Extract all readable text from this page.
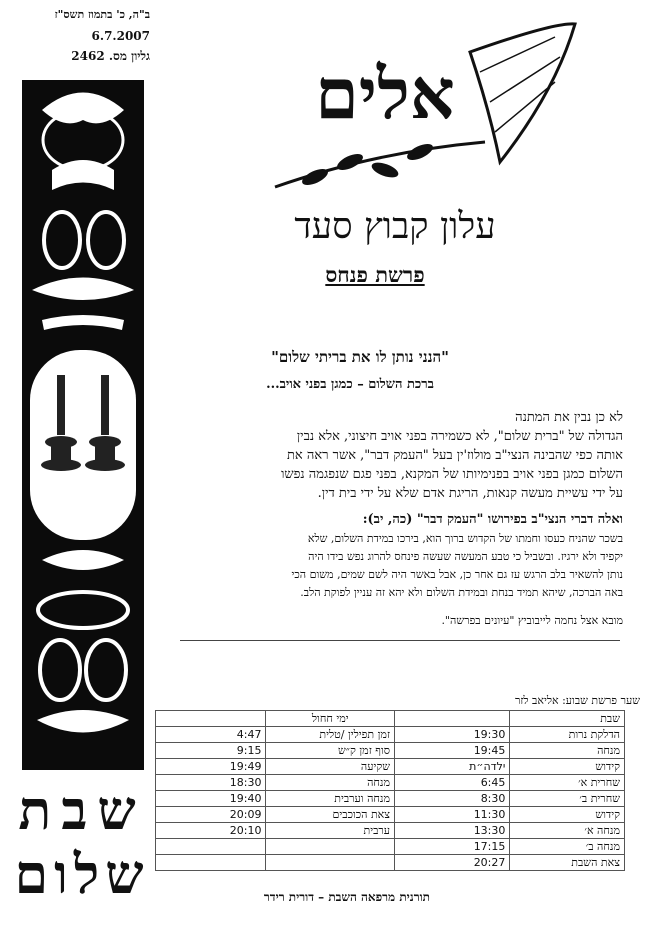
ב"ה, כ' בתמוז תשס"ז
6.7.2007
גליון מס. 2462
שבת
שלום
אלים
עלון קבוץ סעד
פרשת פנחס
"הנני נותן לו את בריתי שלום"
ברכת השלום – כמגן בפני אויב...
לא כן נבין את המתנה
הגדולה של "ברית שלום", לא כשמירה בפני אויב חיצוני, אלא נבין
אותה כפי שהבינה הנצי"ב מולוז'ין בעל "העמק דבר", אשר ראה את
השלום כמגן בפני אויב בפנימיותו של המקנא, בפני פגם שנפגמה נפשו
על ידי עשיית מעשה קנאות, הריגת אדם שלא על ידי בית דין.
ואלה דברי הנצי"ב בפירושו "העמק דבר" (כה, יב):
בשכר שהניח כעסו וחמתו של הקדוש ברוך הוא, בירכו במידת השלום, שלא
יקפיד ולא ירגיז. ובשביל כי טבע המעשה שעשה פינחס להרוג נפש בידו היה
נותן להשאיר בלב הרגש עז גם אחר כן, אבל באשר היה לשם שמים, משום הכי
באה הברכה, שיהא תמיד בנחת ובמידת השלום ולא יהא זה עניין לפוקת הלב.
מובא אצל נחמה לייבוביץ "עיונים בפרשה".
שער פרשת שבוע: אליאב לזר
שבת		ימי חחול	
הדלקת נרות	19:30	זמן תפילין /טלית	4:47
מנחה	19:45	סוף זמן ק״ש	9:15
קידוש	ילדה״ת	שקיעה	19:49
שחרית א׳	6:45	מנחה	18:30
שחרית ב׳	8:30	מנחה וערבית	19:40
קידוש	11:30	צאת הכוכבים	20:09
מנחה א׳	13:30	ערבית	20:10
מנחה ב׳	17:15		
צאת השבת	20:27		
תורנית מרפאה השבת – דורית רידר
